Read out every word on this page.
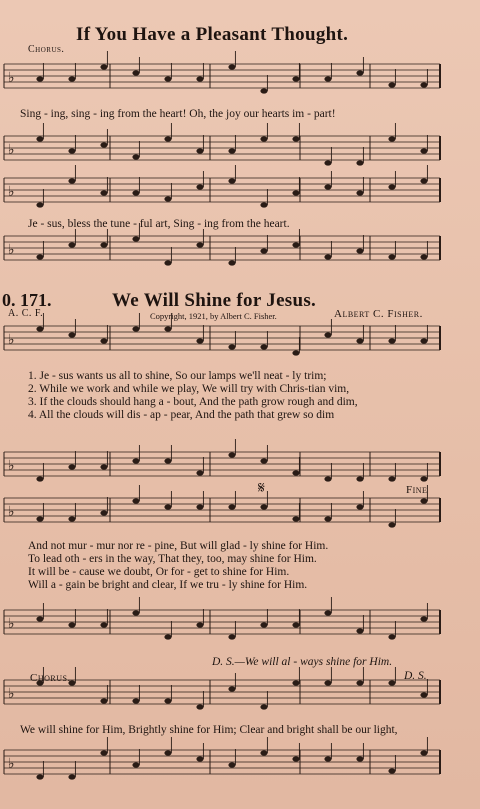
♭
♭
♭
♭
♭
♭
♭
♭
♭
♭
If You Have a Pleasant Thought.
Chorus.
Sing - ing, sing - ing from the heart! Oh, the joy our hearts im - part!
Je - sus, bless the tune - ful art, Sing - ing from the heart.
0. 171.	We Will Shine for Jesus.
A. C. F.	Copyright, 1921, by Albert C. Fisher.	Albert C. Fisher.
1. Je - sus wants us all to shine, So our lamps we'll neat - ly trim;
2. While we work and while we play, We will try with Chris-tian vim,
3. If the clouds should hang a - bout, And the path grow rough and dim,
4. All the clouds will dis - ap - pear, And the path that grew so dim
𝄋	Fine
And not mur - mur nor re - pine, But will glad - ly shine for Him.
To lead oth - ers in the way, That they, too, may shine for Him.
It will be - cause we doubt, Or for - get to shine for Him.
Will a - gain be bright and clear, If we tru - ly shine for Him.
D. S.—We will al - ways shine for Him.
Chorus.	D. S.
We will shine for Him, Brightly shine for Him; Clear and bright shall be our light,
